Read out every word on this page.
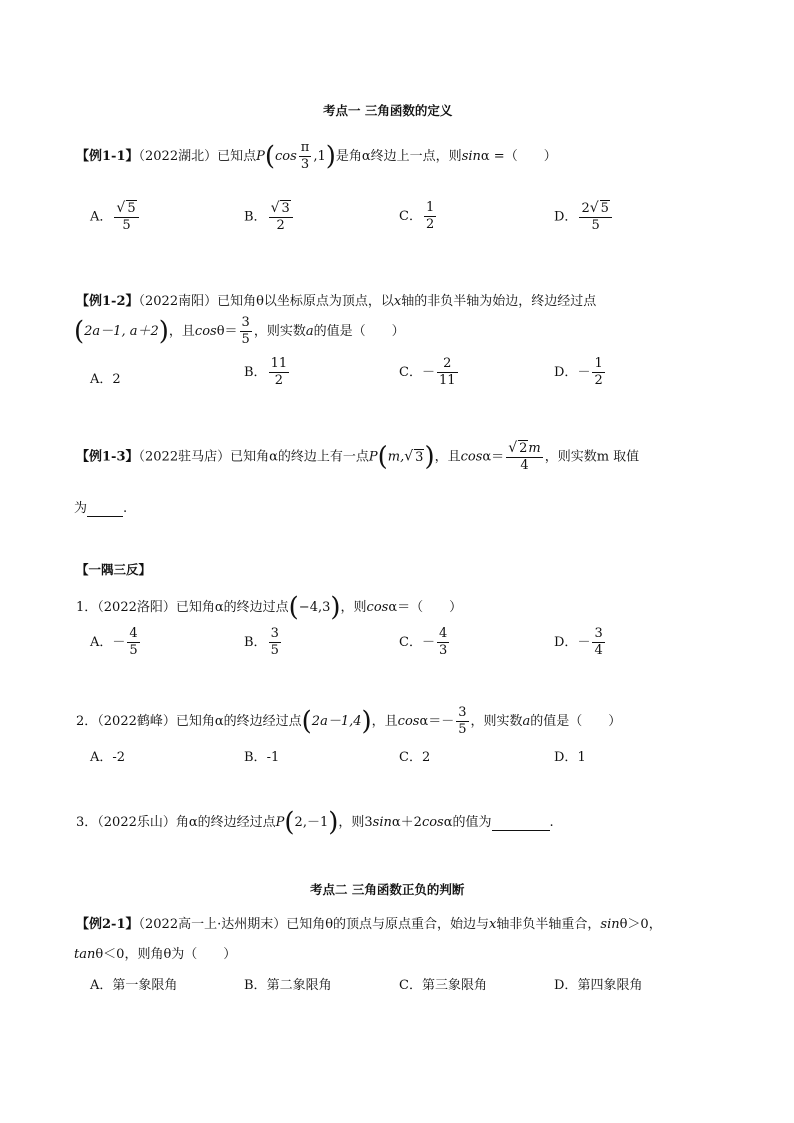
考点一 三角函数的定义
【例1-1】（2022湖北）已知点$P(\cos \frac{\pi}{3} ,1)$是角α终边上一点，则sinα =（　　）
A． $\frac{√ 5}{5}$	B． $\frac{√ 3}{2}$	C． $\frac{1}{2}$	D． $\frac{2√ 5}{5}$
【例1-2】（2022南阳）已知角θ以坐标原点为顶点，以x轴的非负半轴为始边，终边经过点
(2a－1, a＋2)，且$\cos\theta= \frac{3}{5}$ ，则实数a的值是（　　）
A．2	B． $\frac{11}{2}$	C．－ $\frac{2}{11}$	D．－ $\frac{1}{2}$
【例1-3】（2022驻马店）已知角α的终边上有一点P(m,√ 3)，且$\cos\alpha= \frac{√ 2m}{4}$ ，则实数m 取值
为	.
【一隅三反】
1．（2022洛阳）已知角α的终边过点(−4,3)，则cosα＝（　　）
A．－ $\frac{4}{5}$	B． $\frac{3}{5}$	C．－ $\frac{4}{3}$	D．－ $\frac{3}{4}$
2．（2022鹤峰）已知角α的终边经过点(2a－1,4)，且$\cos\alpha=- \frac{3}{5}$ ，则实数a的值是（　　）
A．-2	B．-1	C．2	D．1
3．（2022乐山）角α的终边经过点P(2,－1)，则3sinα＋2cosα的值为	.
考点二 三角函数正负的判断
【例2-1】（2022高一上·达州期末）已知角θ的顶点与原点重合，始边与x轴非负半轴重合，sinθ＞0，
tanθ＜0，则角θ为（　　）
A．第一象限角	B．第二象限角	C．第三象限角	D．第四象限角
